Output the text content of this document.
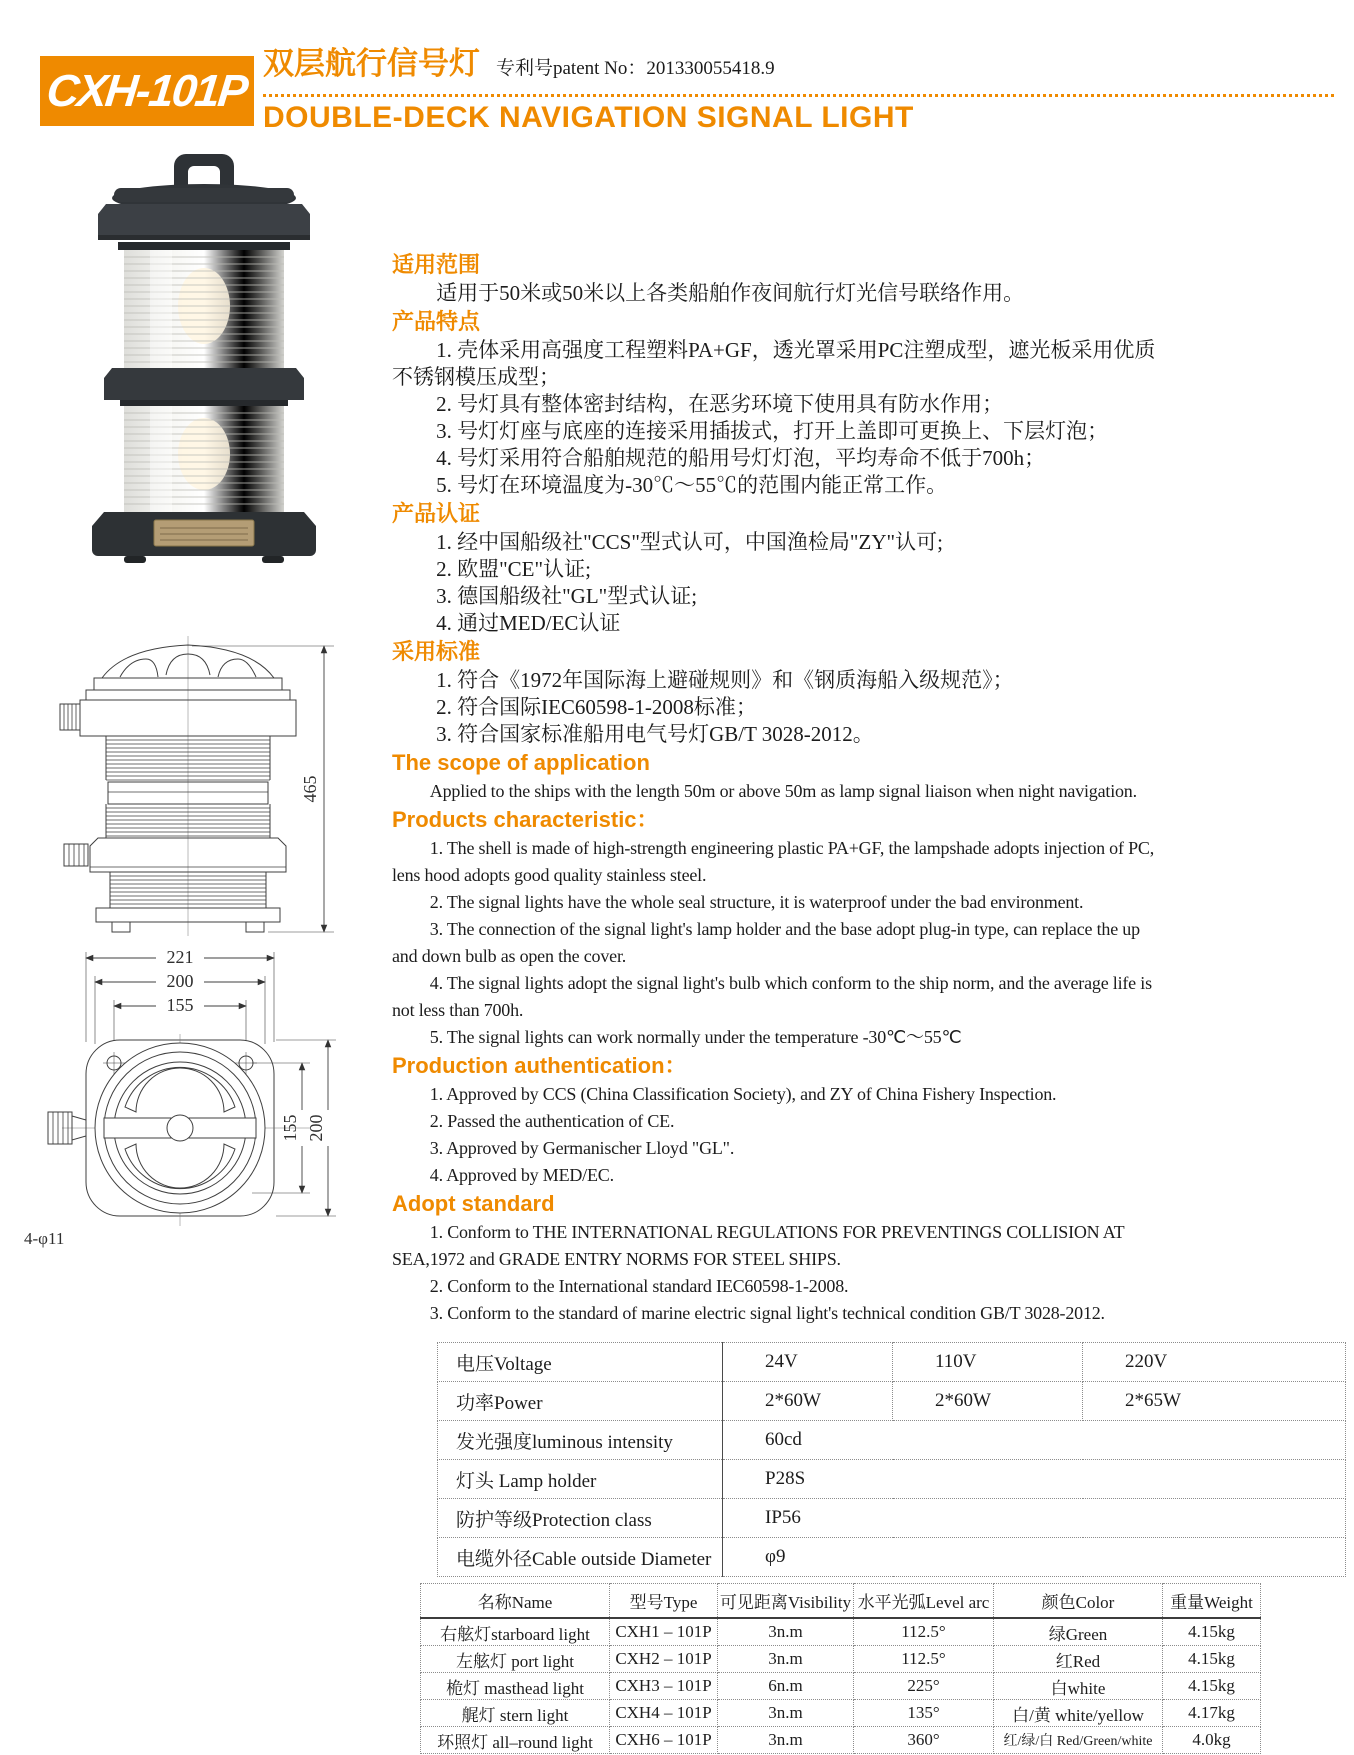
CXH-101P
双层航行信号灯 专利号patent No：201330055418.9
DOUBLE-DECK NAVIGATION SIGNAL LIGHT
465
221
200
155
155 200
4-φ11
适用范围

适用于50米或50米以上各类船舶作夜间航行灯光信号联络作用。

产品特点

1. 壳体采用高强度工程塑料PA+GF，透光罩采用PC注塑成型，遮光板采用优质不锈钢模压成型；

2. 号灯具有整体密封结构，在恶劣环境下使用具有防水作用；

3. 号灯灯座与底座的连接采用插拔式，打开上盖即可更换上、下层灯泡；

4. 号灯采用符合船舶规范的船用号灯灯泡，平均寿命不低于700h；

5. 号灯在环境温度为-30℃～55℃的范围内能正常工作。

产品认证

1. 经中国船级社"CCS"型式认可，中国渔检局"ZY"认可;

2. 欧盟"CE"认证;

3. 德国船级社"GL"型式认证;

4. 通过MED/EC认证

采用标准

1. 符合《1972年国际海上避碰规则》和《钢质海船入级规范》；

2. 符合国际IEC60598-1-2008标准；

3. 符合国家标准船用电气号灯GB/T 3028-2012。

The scope of application

Applied to the ships with the length 50m or above 50m as lamp signal liaison when night navigation.

Products characteristic：

1. The shell is made of high-strength engineering plastic PA+GF, the lampshade adopts injection of PC, lens hood adopts good quality stainless steel.

2. The signal lights have the whole seal structure, it is waterproof under the bad environment.

3. The connection of the signal light's lamp holder and the base adopt plug-in type, can replace the up and down bulb as open the cover.

4. The signal lights adopt the signal light's bulb which conform to the ship norm, and the average life is not less than 700h.

5. The signal lights can work normally under the temperature -30℃～55℃

Production authentication：

1. Approved by CCS (China Classification Society), and ZY of China Fishery Inspection.

2. Passed the authentication of CE.

3. Approved by Germanischer Lloyd "GL".

4. Approved by MED/EC.

Adopt standard

1. Conform to THE INTERNATIONAL REGULATIONS FOR PREVENTINGS COLLISION AT SEA,1972 and GRADE ENTRY NORMS FOR STEEL SHIPS.

2. Conform to the International standard IEC60598-1-2008.

3. Conform to the standard of marine electric signal light's technical condition GB/T 3028-2012.

电压Voltage	24V	110V	220V
功率Power	2*60W	2*60W	2*65W
发光强度luminous intensity	60cd		
灯头 Lamp holder	P28S		
防护等级Protection class	IP56		
电缆外径Cable outside Diameter	φ9		
名称Name	型号Type	可见距离Visibility	水平光弧Level arc	颜色Color	重量Weight
右舷灯starboard light	CXH1 – 101P	3n.m	112.5°	绿Green	4.15kg
左舷灯 port light	CXH2 – 101P	3n.m	112.5°	红Red	4.15kg
桅灯 masthead light	CXH3 – 101P	6n.m	225°	白white	4.15kg
艉灯 stern light	CXH4 – 101P	3n.m	135°	白/黄 white/yellow	4.17kg
环照灯 all–round light	CXH6 – 101P	3n.m	360°	红/绿/白 Red/Green/white	4.0kg
